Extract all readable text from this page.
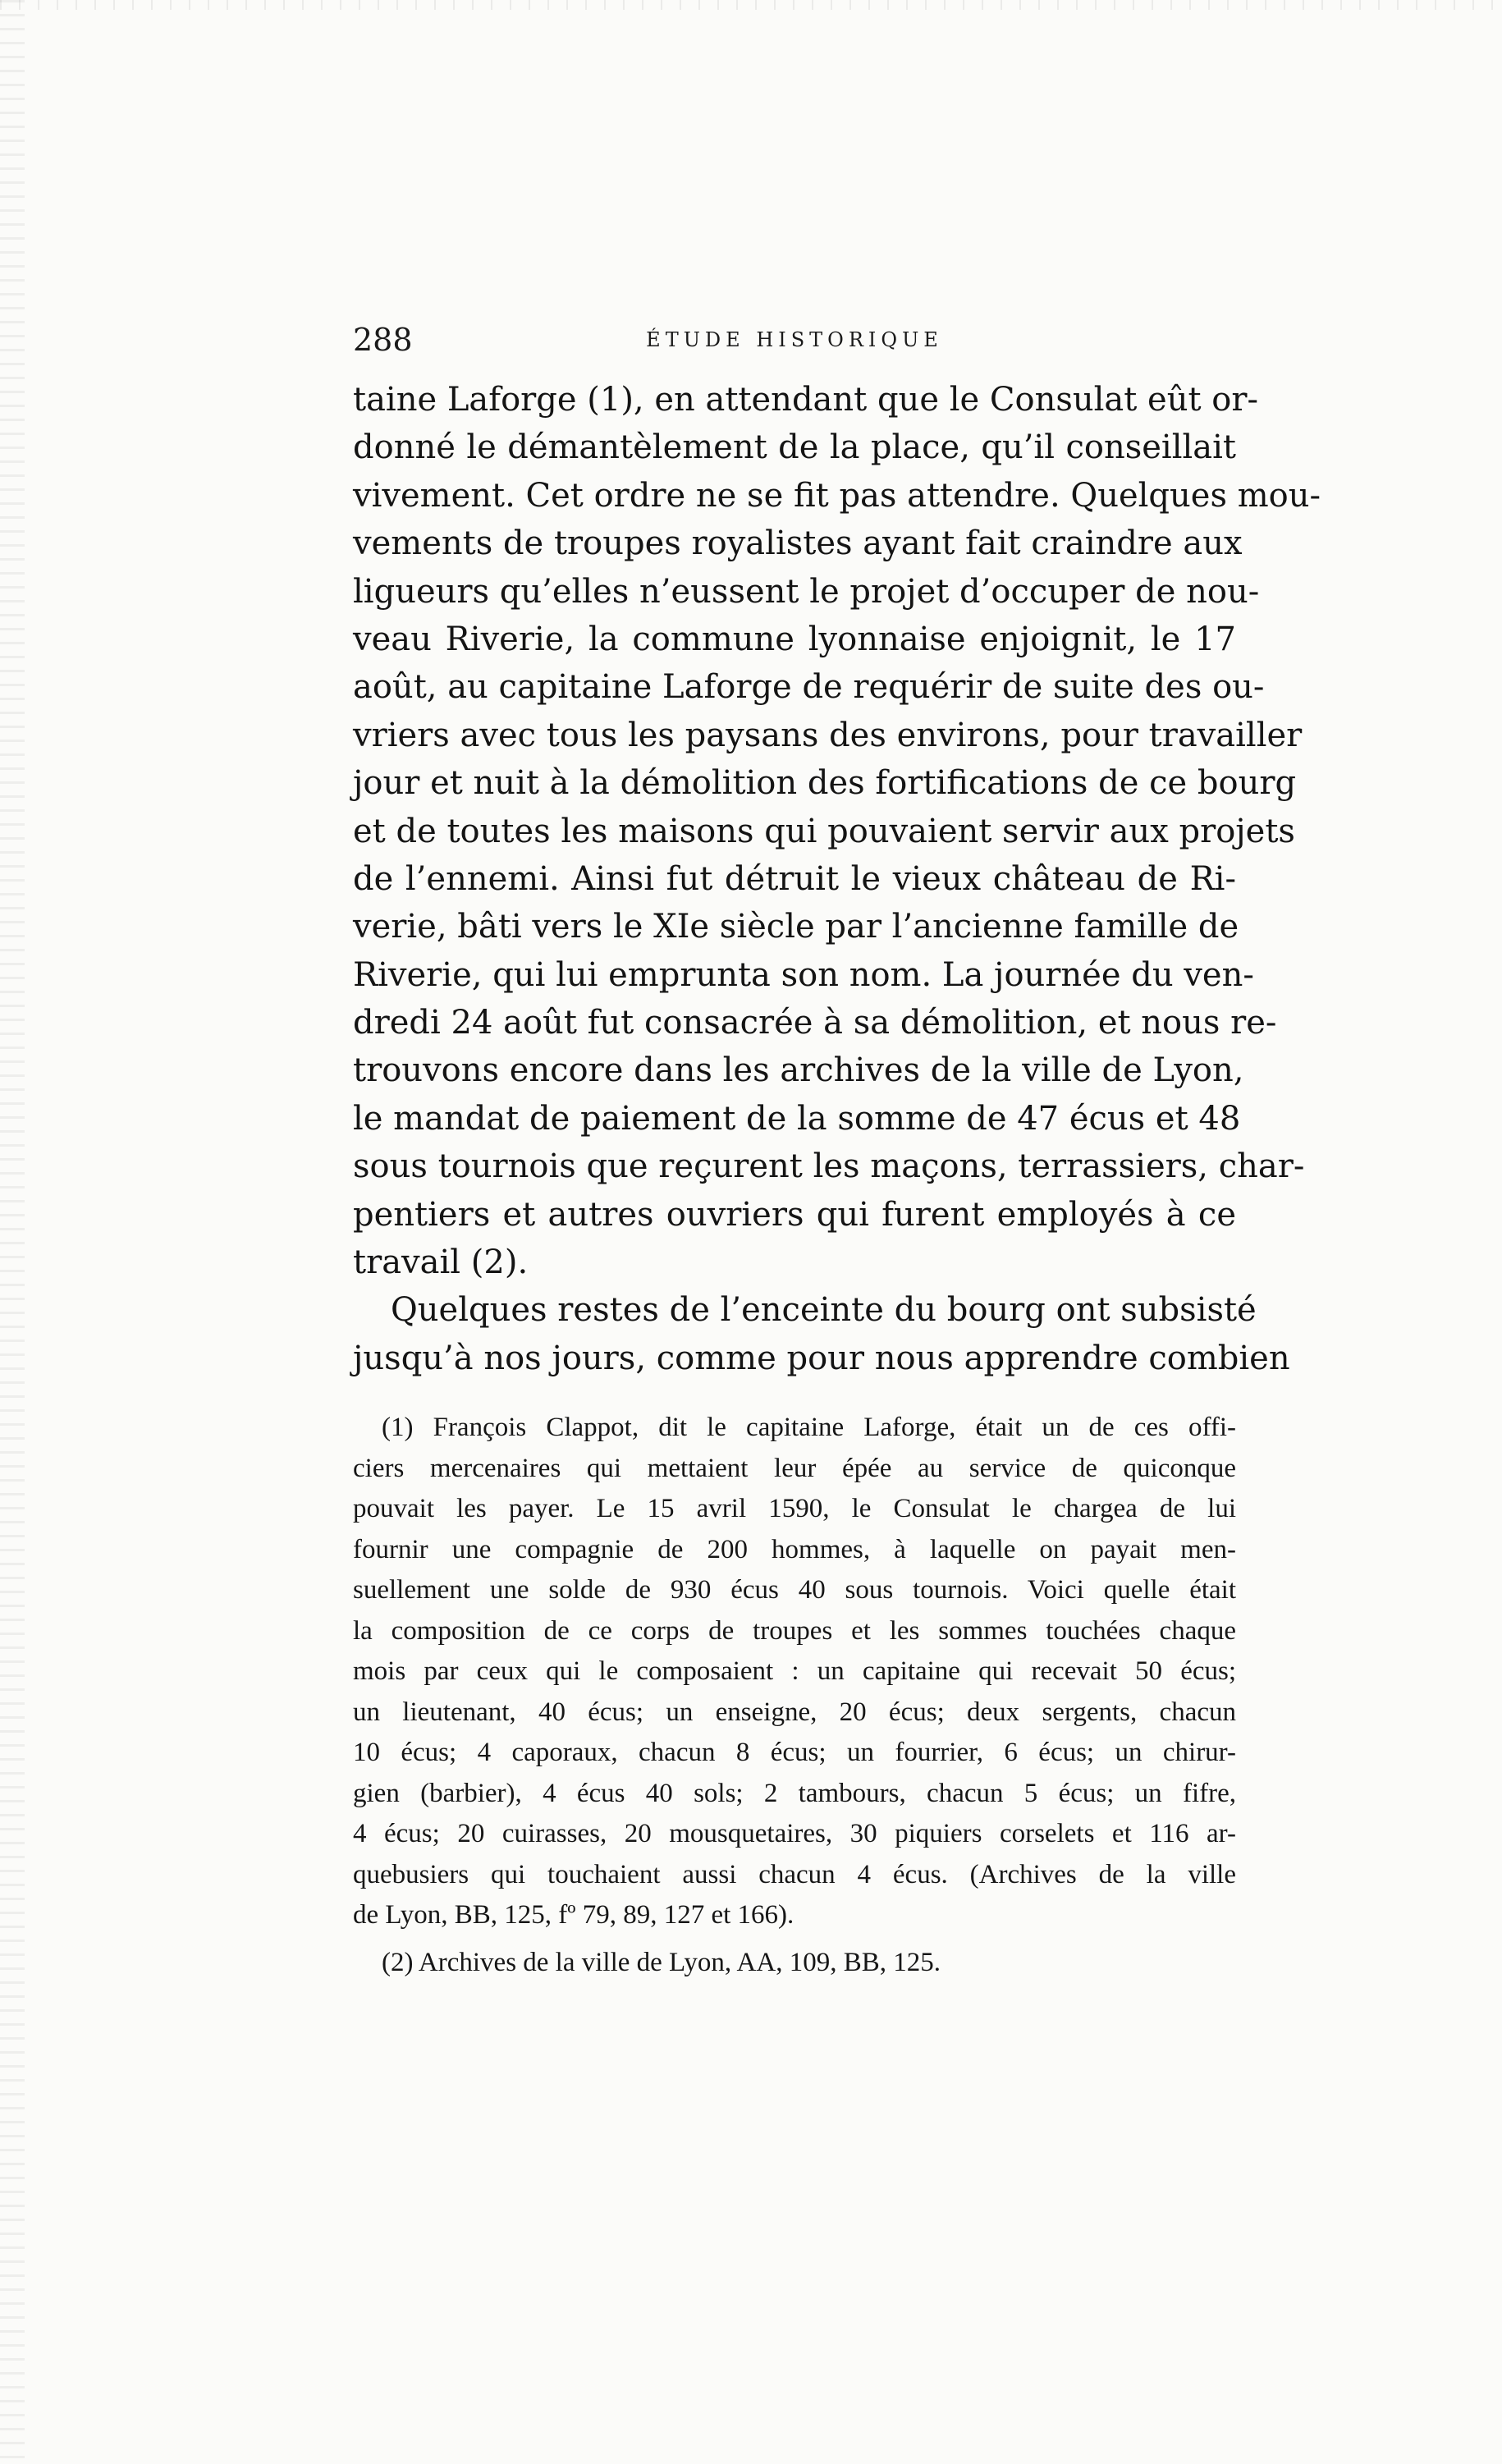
288	ÉTUDE HISTORIQUE
taine Laforge (1), en attendant que le Consulat eût or-
donné le démantèlement de la place, qu’il conseillait
vivement. Cet ordre ne se fit pas attendre. Quelques mou-
vements de troupes royalistes ayant fait craindre aux
ligueurs qu’elles n’eussent le projet d’occuper de nou-
veau Riverie, la commune lyonnaise enjoignit, le 17
août, au capitaine Laforge de requérir de suite des ou-
vriers avec tous les paysans des environs, pour travailler
jour et nuit à la démolition des fortifications de ce bourg
et de toutes les maisons qui pouvaient servir aux projets
de l’ennemi. Ainsi fut détruit le vieux château de Ri-
verie, bâti vers le XIe siècle par l’ancienne famille de
Riverie, qui lui emprunta son nom. La journée du ven-
dredi 24 août fut consacrée à sa démolition, et nous re-
trouvons encore dans les archives de la ville de Lyon,
le mandat de paiement de la somme de 47 écus et 48
sous tournois que reçurent les maçons, terrassiers, char-
pentiers et autres ouvriers qui furent employés à ce
travail (2).
Quelques restes de l’enceinte du bourg ont subsisté
jusqu’à nos jours, comme pour nous apprendre combien
(1) François Clappot, dit le capitaine Laforge, était un de ces offi-
ciers mercenaires qui mettaient leur épée au service de quiconque
pouvait les payer. Le 15 avril 1590, le Consulat le chargea de lui
fournir une compagnie de 200 hommes, à laquelle on payait men-
suellement une solde de 930 écus 40 sous tournois. Voici quelle était
la composition de ce corps de troupes et les sommes touchées chaque
mois par ceux qui le composaient : un capitaine qui recevait 50 écus;
un lieutenant, 40 écus; un enseigne, 20 écus; deux sergents, chacun
10 écus; 4 caporaux, chacun 8 écus; un fourrier, 6 écus; un chirur-
gien (barbier), 4 écus 40 sols; 2 tambours, chacun 5 écus; un fifre,
4 écus; 20 cuirasses, 20 mousquetaires, 30 piquiers corselets et 116 ar-
quebusiers qui touchaient aussi chacun 4 écus. (Archives de la ville
de Lyon, BB, 125, fº 79, 89, 127 et 166).
(2) Archives de la ville de Lyon, AA, 109, BB, 125.
